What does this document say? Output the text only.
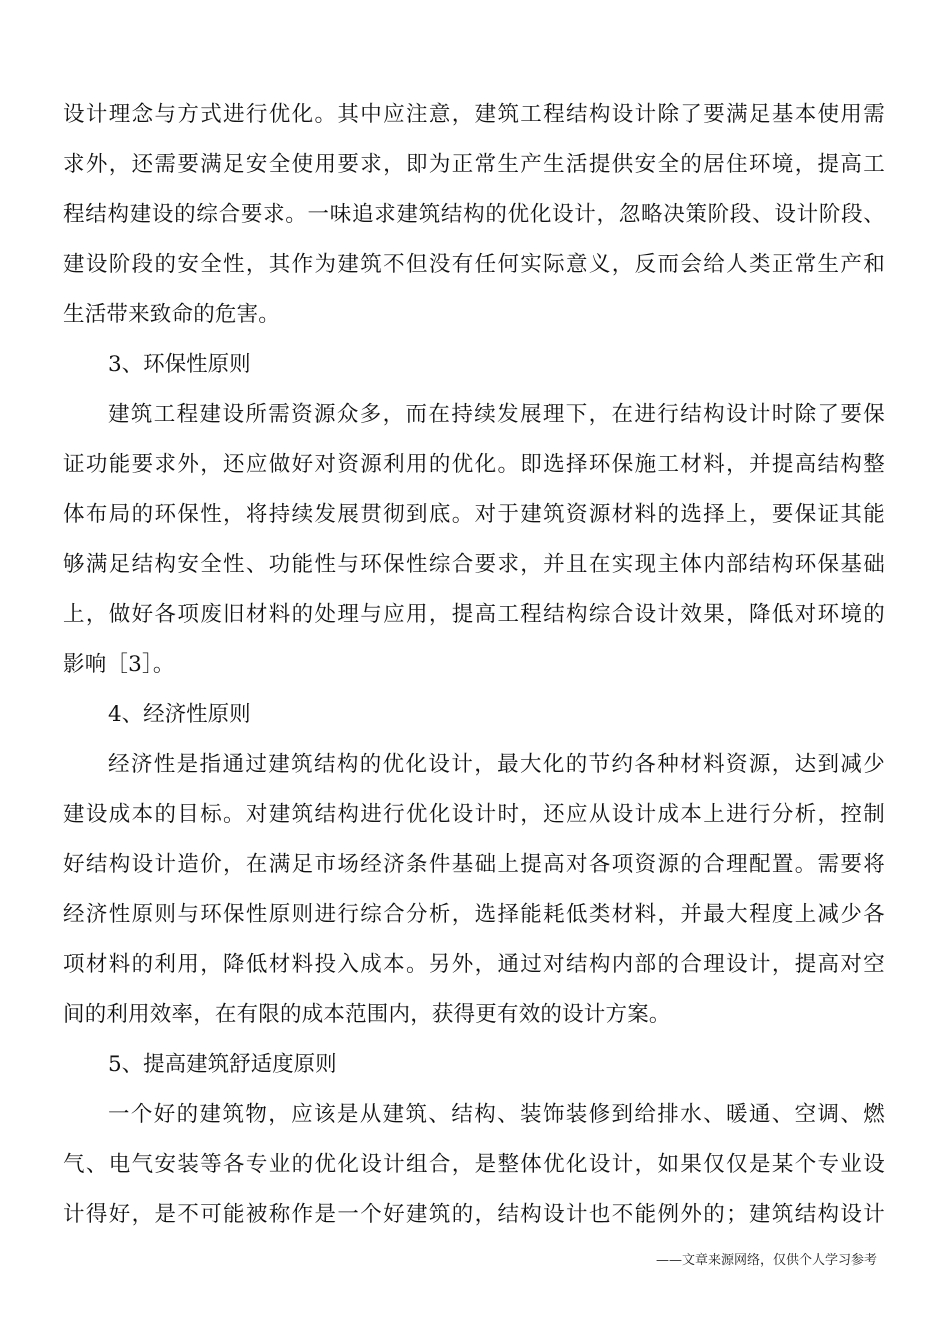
设计理念与方式进行优化。其中应注意，建筑工程结构设计除了要满足基本使用需
求外，还需要满足安全使用要求，即为正常生产生活提供安全的居住环境，提高工
程结构建设的综合要求。一味追求建筑结构的优化设计，忽略决策阶段、设计阶段、
建设阶段的安全性，其作为建筑不但没有任何实际意义，反而会给人类正常生产和
生活带来致命的危害。
3、环保性原则
建筑工程建设所需资源众多，而在持续发展理下，在进行结构设计时除了要保
证功能要求外，还应做好对资源利用的优化。即选择环保施工材料，并提高结构整
体布局的环保性，将持续发展贯彻到底。对于建筑资源材料的选择上，要保证其能
够满足结构安全性、功能性与环保性综合要求，并且在实现主体内部结构环保基础
上，做好各项废旧材料的处理与应用，提高工程结构综合设计效果，降低对环境的
影响［3］。
4、经济性原则
经济性是指通过建筑结构的优化设计，最大化的节约各种材料资源，达到减少
建设成本的目标。对建筑结构进行优化设计时，还应从设计成本上进行分析，控制
好结构设计造价，在满足市场经济条件基础上提高对各项资源的合理配置。需要将
经济性原则与环保性原则进行综合分析，选择能耗低类材料，并最大程度上减少各
项材料的利用，降低材料投入成本。另外，通过对结构内部的合理设计，提高对空
间的利用效率，在有限的成本范围内，获得更有效的设计方案。
5、提高建筑舒适度原则
一个好的建筑物，应该是从建筑、结构、装饰装修到给排水、暖通、空调、燃
气、电气安装等各专业的优化设计组合，是整体优化设计，如果仅仅是某个专业设
计得好，是不可能被称作是一个好建筑的，结构设计也不能例外的；建筑结构设计
——文章来源网络，仅供个人学习参考
